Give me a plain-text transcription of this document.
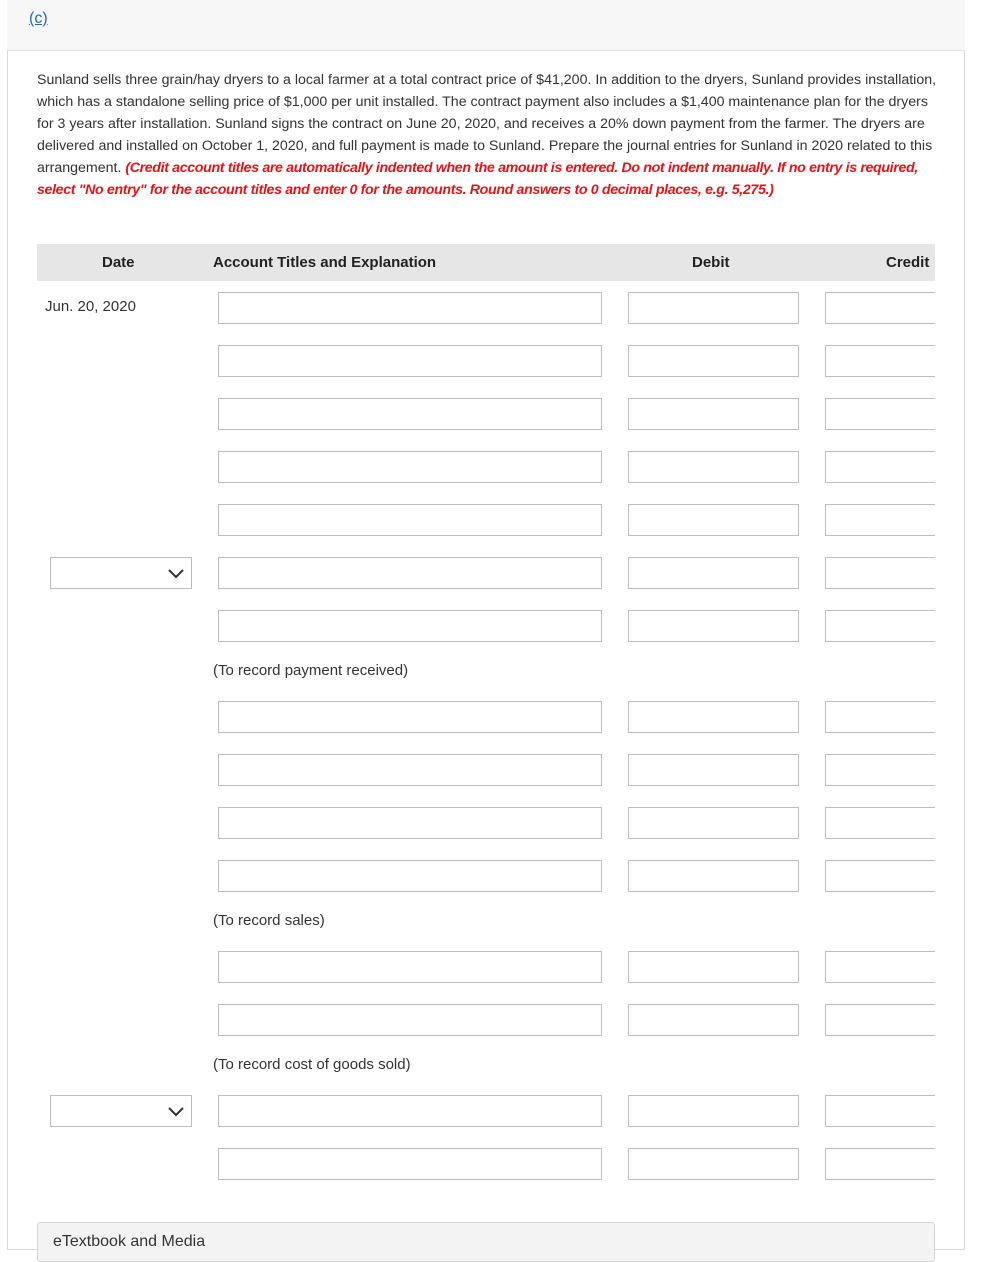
(c)
Sunland sells three grain/hay dryers to a local farmer at a total contract price of $41,200. In addition to the dryers, Sunland provides installation, which has a standalone selling price of $1,000 per unit installed. The contract payment also includes a $1,400 maintenance plan for the dryers for 3 years after installation. Sunland signs the contract on June 20, 2020, and receives a 20% down payment from the farmer. The dryers are delivered and installed on October 1, 2020, and full payment is made to Sunland. Prepare the journal entries for Sunland in 2020 related to this arrangement. (Credit account titles are automatically indented when the amount is entered. Do not indent manually. If no entry is required, select "No entry" for the account titles and enter 0 for the amounts. Round answers to 0 decimal places, e.g. 5,275.)
Date	Account Titles and Explanation	Debit	Credit
Jun. 20, 2020
(To record payment received)
(To record sales)
(To record cost of goods sold)
eTextbook and Media
